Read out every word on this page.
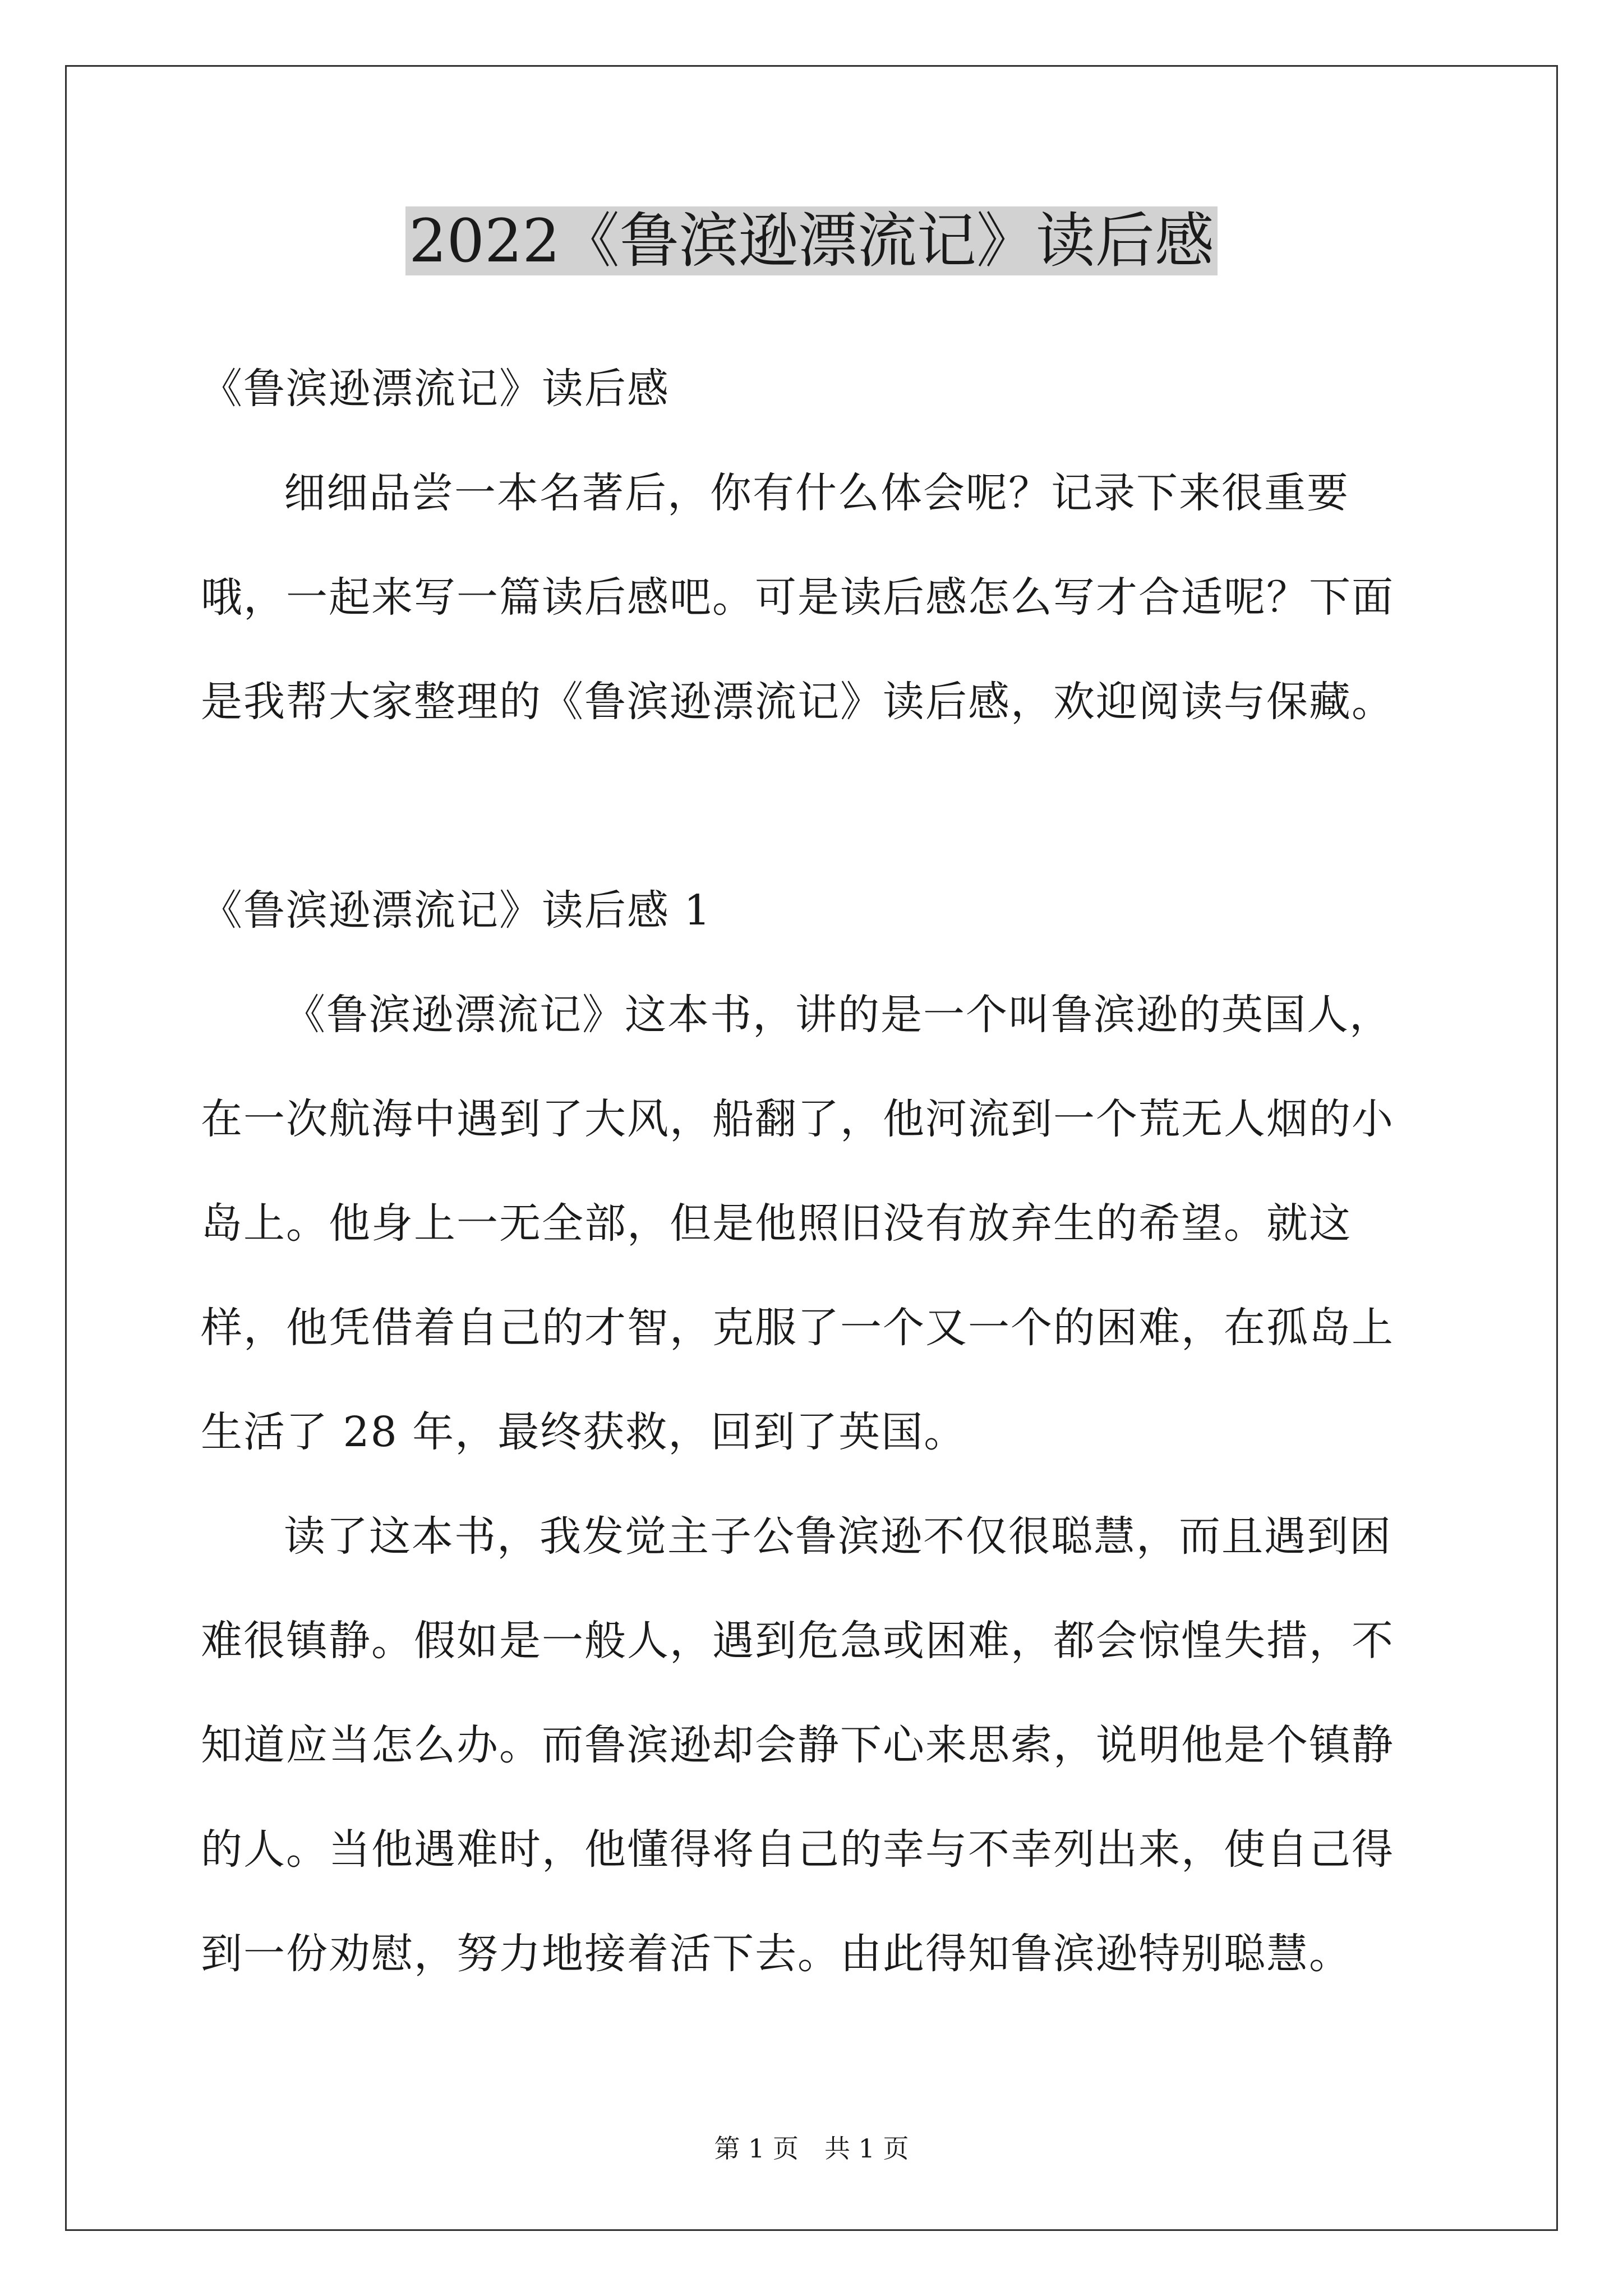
2022《鲁滨逊漂流记》读后感

《鲁滨逊漂流记》读后感

细细品尝一本名著后，你有什么体会呢？记录下来很重要哦，一起来写一篇读后感吧。可是读后感怎么写才合适呢？下面是我帮大家整理的《鲁滨逊漂流记》读后感，欢迎阅读与保藏。

《鲁滨逊漂流记》读后感 1

《鲁滨逊漂流记》这本书，讲的是一个叫鲁滨逊的英国人，在一次航海中遇到了大风，船翻了，他河流到一个荒无人烟的小岛上。他身上一无全部，但是他照旧没有放弃生的希望。就这样，他凭借着自己的才智，克服了一个又一个的困难，在孤岛上生活了 28 年，最终获救，回到了英国。

读了这本书，我发觉主子公鲁滨逊不仅很聪慧，而且遇到困难很镇静。假如是一般人，遇到危急或困难，都会惊惶失措，不知道应当怎么办。而鲁滨逊却会静下心来思索，说明他是个镇静的人。当他遇难时，他懂得将自己的幸与不幸列出来，使自己得到一份劝慰，努力地接着活下去。由此得知鲁滨逊特别聪慧。

第 1 页　共 1 页
